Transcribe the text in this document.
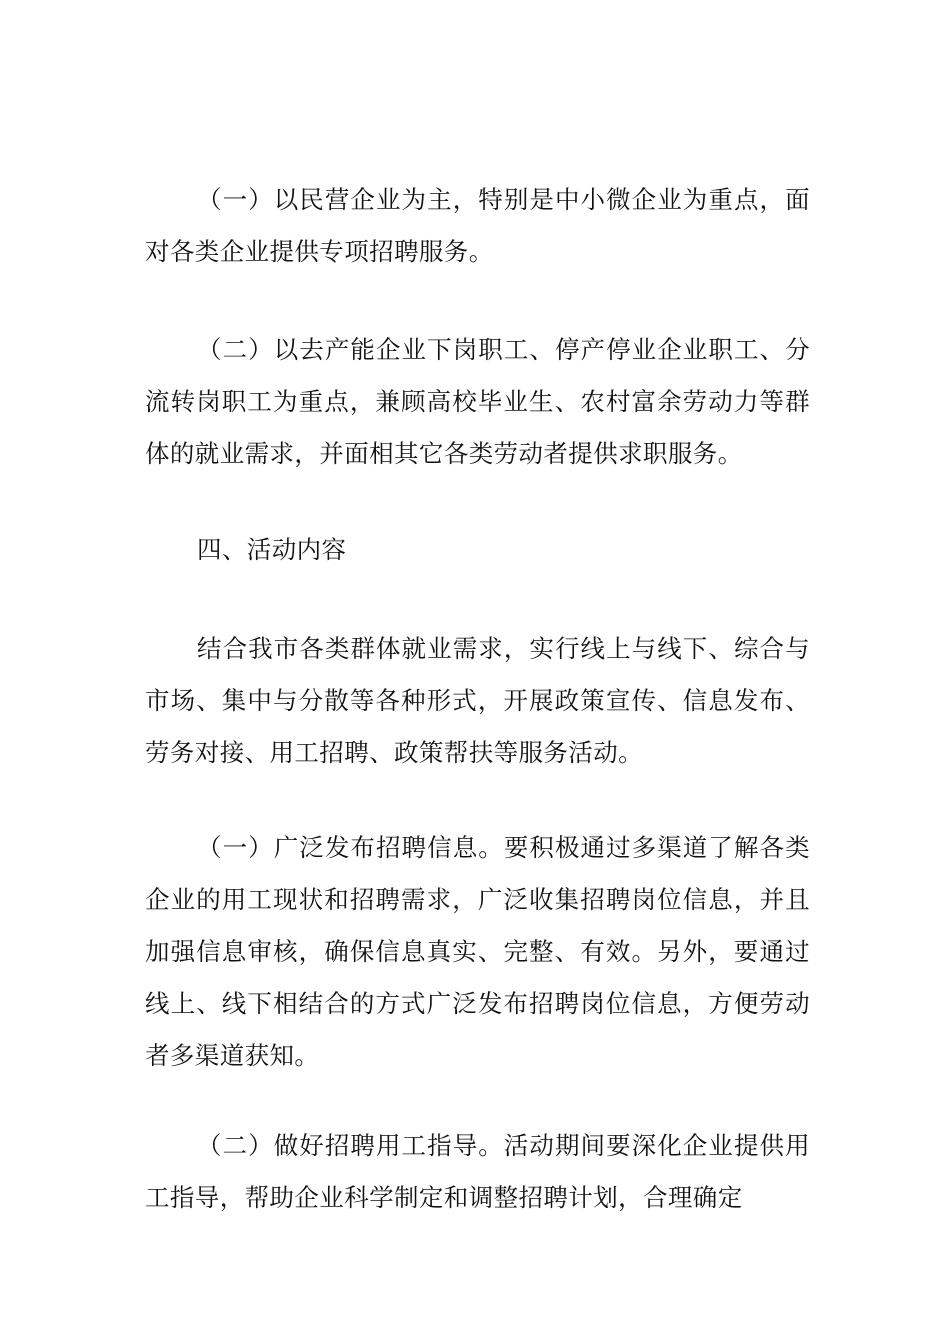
（一）以民营企业为主，特别是中小微企业为重点，面对各类企业提供专项招聘服务。

（二）以去产能企业下岗职工、停产停业企业职工、分流转岗职工为重点，兼顾高校毕业生、农村富余劳动力等群体的就业需求，并面相其它各类劳动者提供求职服务。

四、活动内容

结合我市各类群体就业需求，实行线上与线下、综合与市场、集中与分散等各种形式，开展政策宣传、信息发布、劳务对接、用工招聘、政策帮扶等服务活动。

（一）广泛发布招聘信息。要积极通过多渠道了解各类企业的用工现状和招聘需求，广泛收集招聘岗位信息，并且加强信息审核，确保信息真实、完整、有效。另外，要通过线上、线下相结合的方式广泛发布招聘岗位信息，方便劳动者多渠道获知。

（二）做好招聘用工指导。活动期间要深化企业提供用工指导，帮助企业科学制定和调整招聘计划，合理确定
